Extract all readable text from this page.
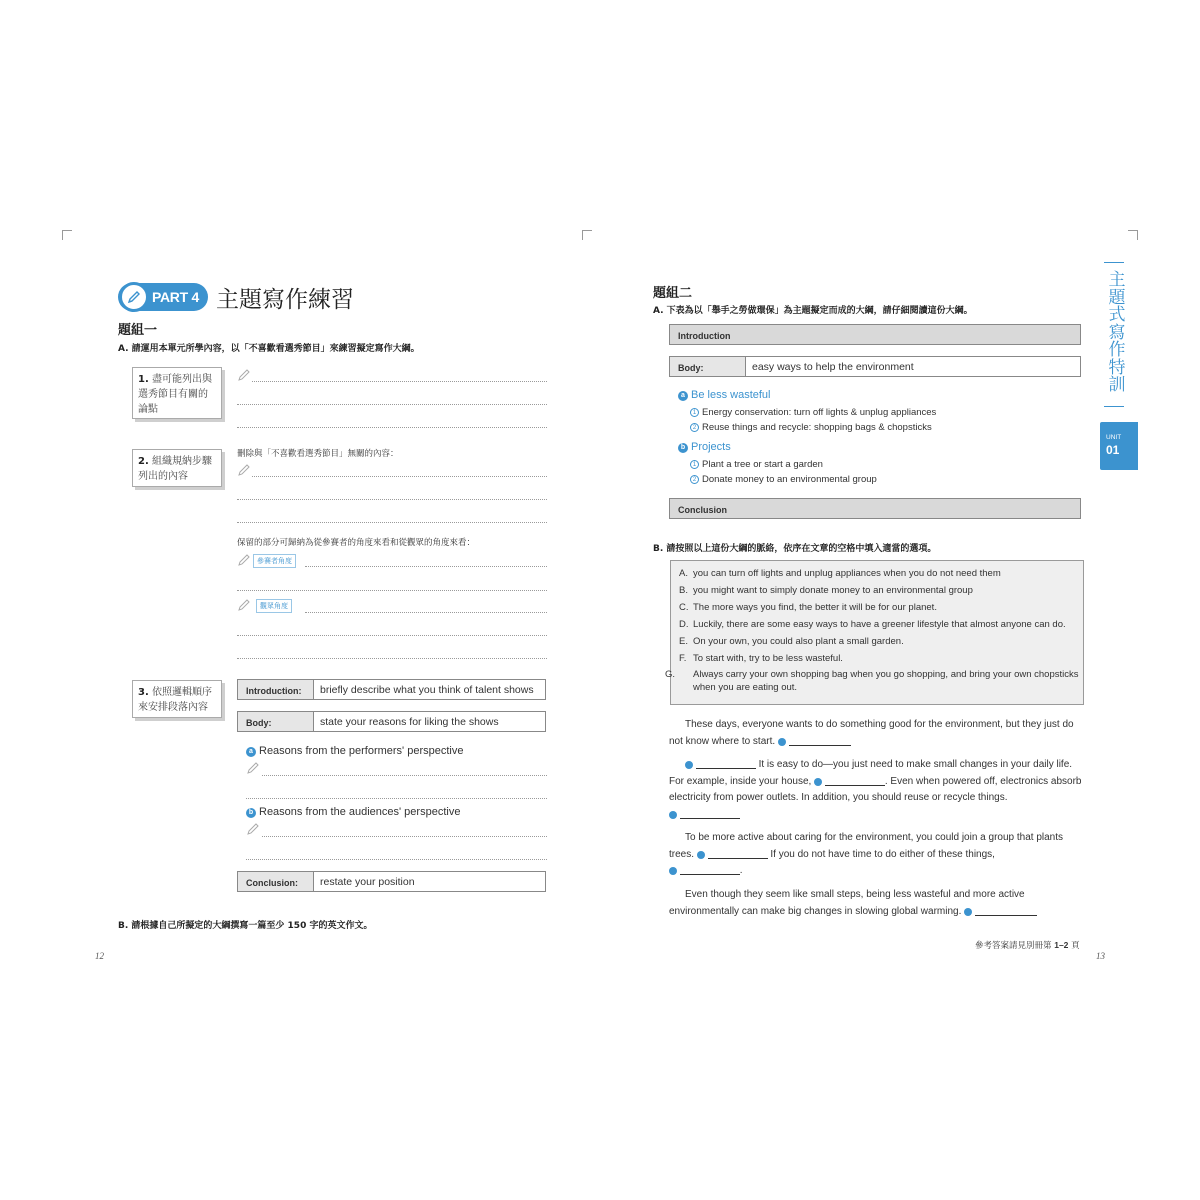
PART 4 主題寫作練習
題組一
A. 請運用本單元所學內容，以「不喜歡看選秀節目」來練習擬定寫作大綱。
1. 盡可能列出與選秀節目有關的論點
2. 組織規納步驟列出的內容
刪除與「不喜歡看選秀節目」無關的內容：
保留的部分可歸納為從參賽者的角度來看和從觀眾的角度來看：
參賽者角度
觀眾角度
3. 依照邏輯順序來安排段落內容
Introduction:	briefly describe what you think of talent shows
Body:	state your reasons for liking the shows
a Reasons from the performers' perspective
b Reasons from the audiences' perspective
Conclusion:	restate your position
B. 請根據自己所擬定的大綱撰寫一篇至少 150 字的英文作文。
12
題組二
A. 下表為以「舉手之勞做環保」為主題擬定而成的大綱，請仔細閱讀這份大綱。
Introduction
Body:	easy ways to help the environment
a Be less wasteful
1 Energy conservation: turn off lights & unplug appliances
2 Reuse things and recycle: shopping bags & chopsticks
b Projects
1 Plant a tree or start a garden
2 Donate money to an environmental group
Conclusion
B. 請按照以上這份大綱的脈絡，依序在文章的空格中填入適當的選項。
A. you can turn off lights and unplug appliances when you do not need them
B. you might want to simply donate money to an environmental group
C. The more ways you find, the better it will be for our planet.
D. Luckily, there are some easy ways to have a greener lifestyle that almost anyone can do.
E. On your own, you could also plant a small garden.
F. To start with, try to be less wasteful.
G. Always carry your own shopping bag when you go shopping, and bring your own chopsticks when you are eating out.
These days, everyone wants to do something good for the environment, but they just do not know where to start.	1
2	It is easy to do—you just need to make small changes in your daily life. For example, inside your house,	3	. Even when powered off, electronics absorb electricity from power outlets. In addition, you should reuse or recycle things.
4
To be more active about caring for the environment, you could join a group that plants trees.	5	If you do not have time to do either of these things,
6	.
Even though they seem like small steps, being less wasteful and more active environmentally can make big changes in slowing global warming.	7
參考答案請見別冊第 1–2 頁
13
主題式寫作特訓
UNIT
01
